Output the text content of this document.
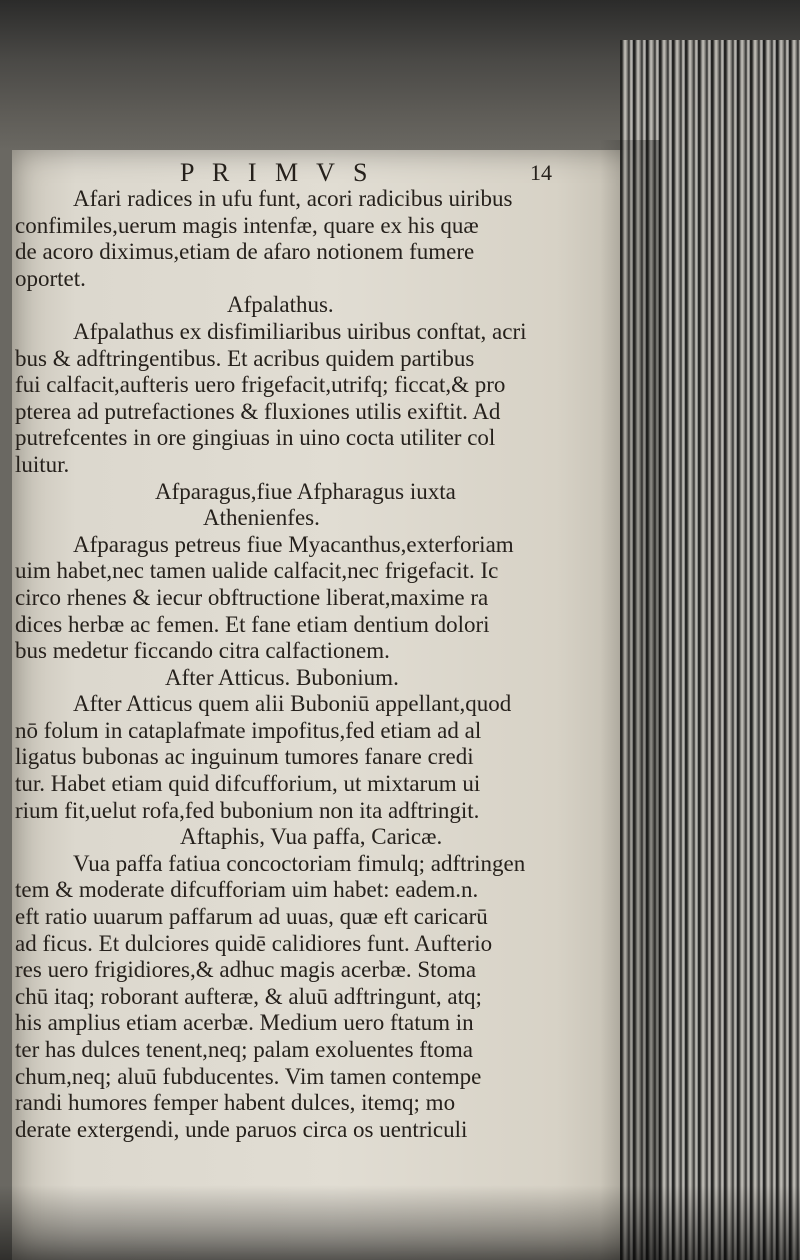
P R I M V S	14
Afari radices in ufu funt, acori radicibus uiribus
confimiles,uerum magis intenfæ, quare ex his quæ
de acoro diximus,etiam de afaro notionem fumere
oportet.
Afpalathus.
Afpalathus ex disfimiliaribus uiribus conftat, acri
bus & adftringentibus. Et acribus quidem partibus
fui calfacit,aufteris uero frigefacit,utrifq; ficcat,& pro
pterea ad putrefactiones & fluxiones utilis exiftit. Ad
putrefcentes in ore gingiuas in uino cocta utiliter col
luitur.
Afparagus,fiue Afpharagus iuxta
Athenienfes.
Afparagus petreus fiue Myacanthus,exterforiam
uim habet,nec tamen ualide calfacit,nec frigefacit. Ic
circo rhenes & iecur obftructione liberat,maxime ra
dices herbæ ac femen. Et fane etiam dentium dolori
bus medetur ficcando citra calfactionem.
After Atticus. Bubonium.
After Atticus quem alii Buboniū appellant,quod
nō folum in cataplafmate impofitus,fed etiam ad al
ligatus bubonas ac inguinum tumores fanare credi
tur. Habet etiam quid difcufforium, ut mixtarum ui
rium fit,uelut rofa,fed bubonium non ita adftringit.
Aftaphis, Vua paffa, Caricæ.
Vua paffa fatiua concoctoriam fimulq; adftringen
tem & moderate difcufforiam uim habet: eadem.n.
eft ratio uuarum paffarum ad uuas, quæ eft caricarū
ad ficus. Et dulciores quidē calidiores funt. Aufterio
res uero frigidiores,& adhuc magis acerbæ. Stoma
chū itaq; roborant aufteræ, & aluū adftringunt, atq;
his amplius etiam acerbæ. Medium uero ftatum in
ter has dulces tenent,neq; palam exoluentes ftoma
chum,neq; aluū fubducentes. Vim tamen contempe
randi humores femper habent dulces, itemq; mo
derate extergendi, unde paruos circa os uentriculi
